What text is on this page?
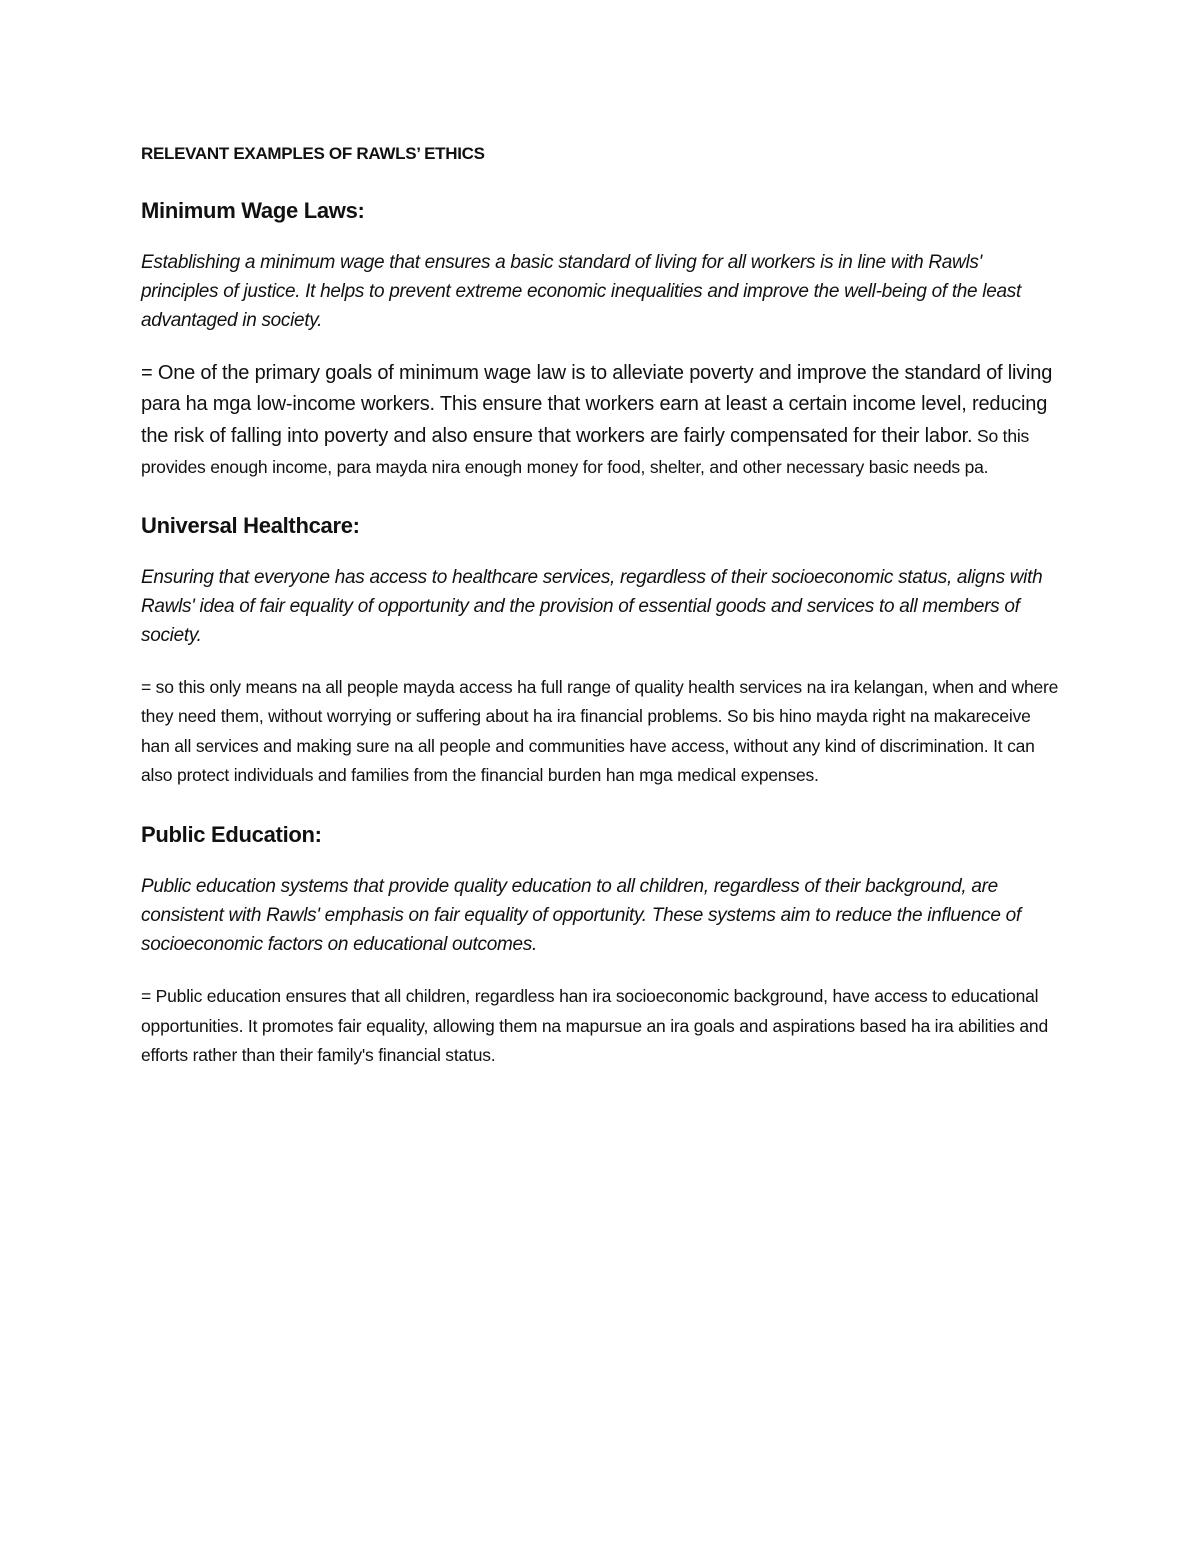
RELEVANT EXAMPLES OF RAWLS’ ETHICS
Minimum Wage Laws:

Establishing a minimum wage that ensures a basic standard of living for all workers is in line with Rawls' principles of justice. It helps to prevent extreme economic inequalities and improve the well-being of the least advantaged in society.

= One of the primary goals of minimum wage law is to alleviate poverty and improve the standard of living para ha mga low-income workers. This ensure that workers earn at least a certain income level, reducing the risk of falling into poverty and also ensure that workers are fairly compensated for their labor. So this provides enough income, para mayda nira enough money for food, shelter, and other necessary basic needs pa.

Universal Healthcare:

Ensuring that everyone has access to healthcare services, regardless of their socioeconomic status, aligns with Rawls' idea of fair equality of opportunity and the provision of essential goods and services to all members of society.

= so this only means na all people mayda access ha full range of quality health services na ira kelangan, when and where they need them, without worrying or suffering about ha ira financial problems. So bis hino mayda right na makareceive han all services and making sure na all people and communities have access, without any kind of discrimination. It can also protect individuals and families from the financial burden han mga medical expenses.

Public Education:

Public education systems that provide quality education to all children, regardless of their background, are consistent with Rawls' emphasis on fair equality of opportunity. These systems aim to reduce the influence of socioeconomic factors on educational outcomes.

= Public education ensures that all children, regardless han ira socioeconomic background, have access to educational opportunities. It promotes fair equality, allowing them na mapursue an ira goals and aspirations based ha ira abilities and efforts rather than their family's financial status.
